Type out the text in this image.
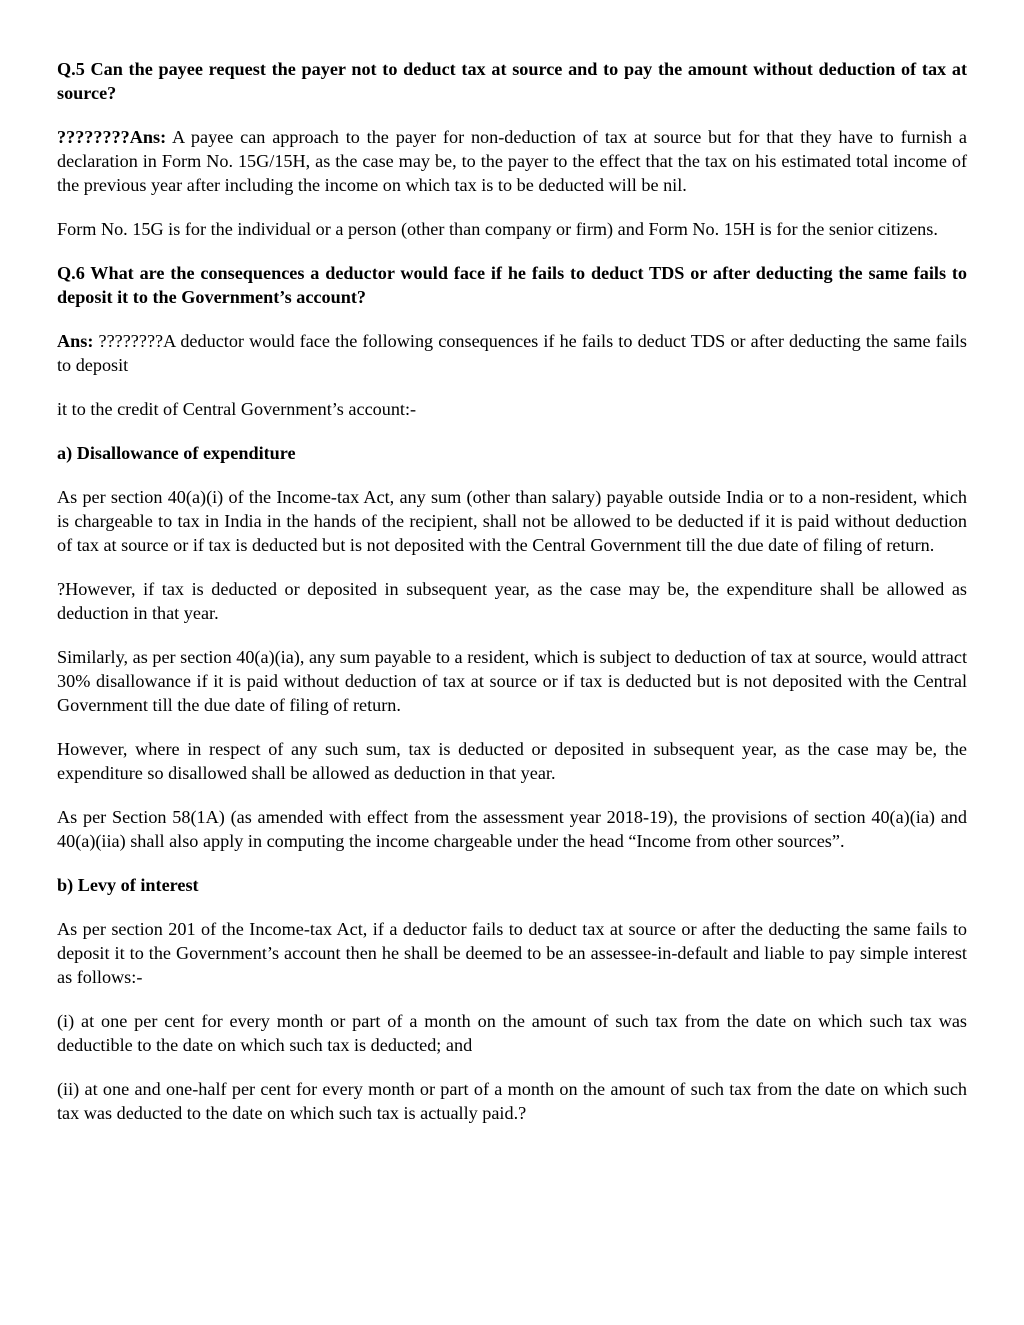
Q.5 Can the payee request the payer not to deduct tax at source and to pay the amount without deduction of tax at source?

????????Ans: A payee can approach to the payer for non-deduction of tax at source but for that they have to furnish a declaration in Form No. 15G/15H, as the case may be, to the payer to the effect that the tax on his estimated total income of the previous year after including the income on which tax is to be deducted will be nil.

Form No. 15G is for the individual or a person (other than company or firm) and Form No. 15H is for the senior citizens.

Q.6 What are the consequences a deductor would face if he fails to deduct TDS or after deducting the same fails to deposit it to the Government’s account?

Ans: ????????A deductor would face the following consequences if he fails to deduct TDS or after deducting the same fails to deposit

it to the credit of Central Government’s account:-

a) Disallowance of expenditure

As per section 40(a)(i) of the Income-tax Act, any sum (other than salary) payable outside India or to a non-resident, which is chargeable to tax in India in the hands of the recipient, shall not be allowed to be deducted if it is paid without deduction of tax at source or if tax is deducted but is not deposited with the Central Government till the due date of filing of return.

?However, if tax is deducted or deposited in subsequent year, as the case may be, the expenditure shall be allowed as deduction in that year.

Similarly, as per section 40(a)(ia), any sum payable to a resident, which is subject to deduction of tax at source, would attract 30% disallowance if it is paid without deduction of tax at source or if tax is deducted but is not deposited with the Central Government till the due date of filing of return.

However, where in respect of any such sum, tax is deducted or deposited in subsequent year, as the case may be, the expenditure so disallowed shall be allowed as deduction in that year.

As per Section 58(1A) (as amended with effect from the assessment year 2018-19), the provisions of section 40(a)(ia) and 40(a)(iia) shall also apply in computing the income chargeable under the head “Income from other sources”.

b) Levy of interest

As per section 201 of the Income-tax Act, if a deductor fails to deduct tax at source or after the deducting the same fails to deposit it to the Government’s account then he shall be deemed to be an assessee-in-default and liable to pay simple interest as follows:-

(i) at one per cent for every month or part of a month on the amount of such tax from the date on which such tax was deductible to the date on which such tax is deducted; and

(ii) at one and one-half per cent for every month or part of a month on the amount of such tax from the date on which such tax was deducted to the date on which such tax is actually paid.?
